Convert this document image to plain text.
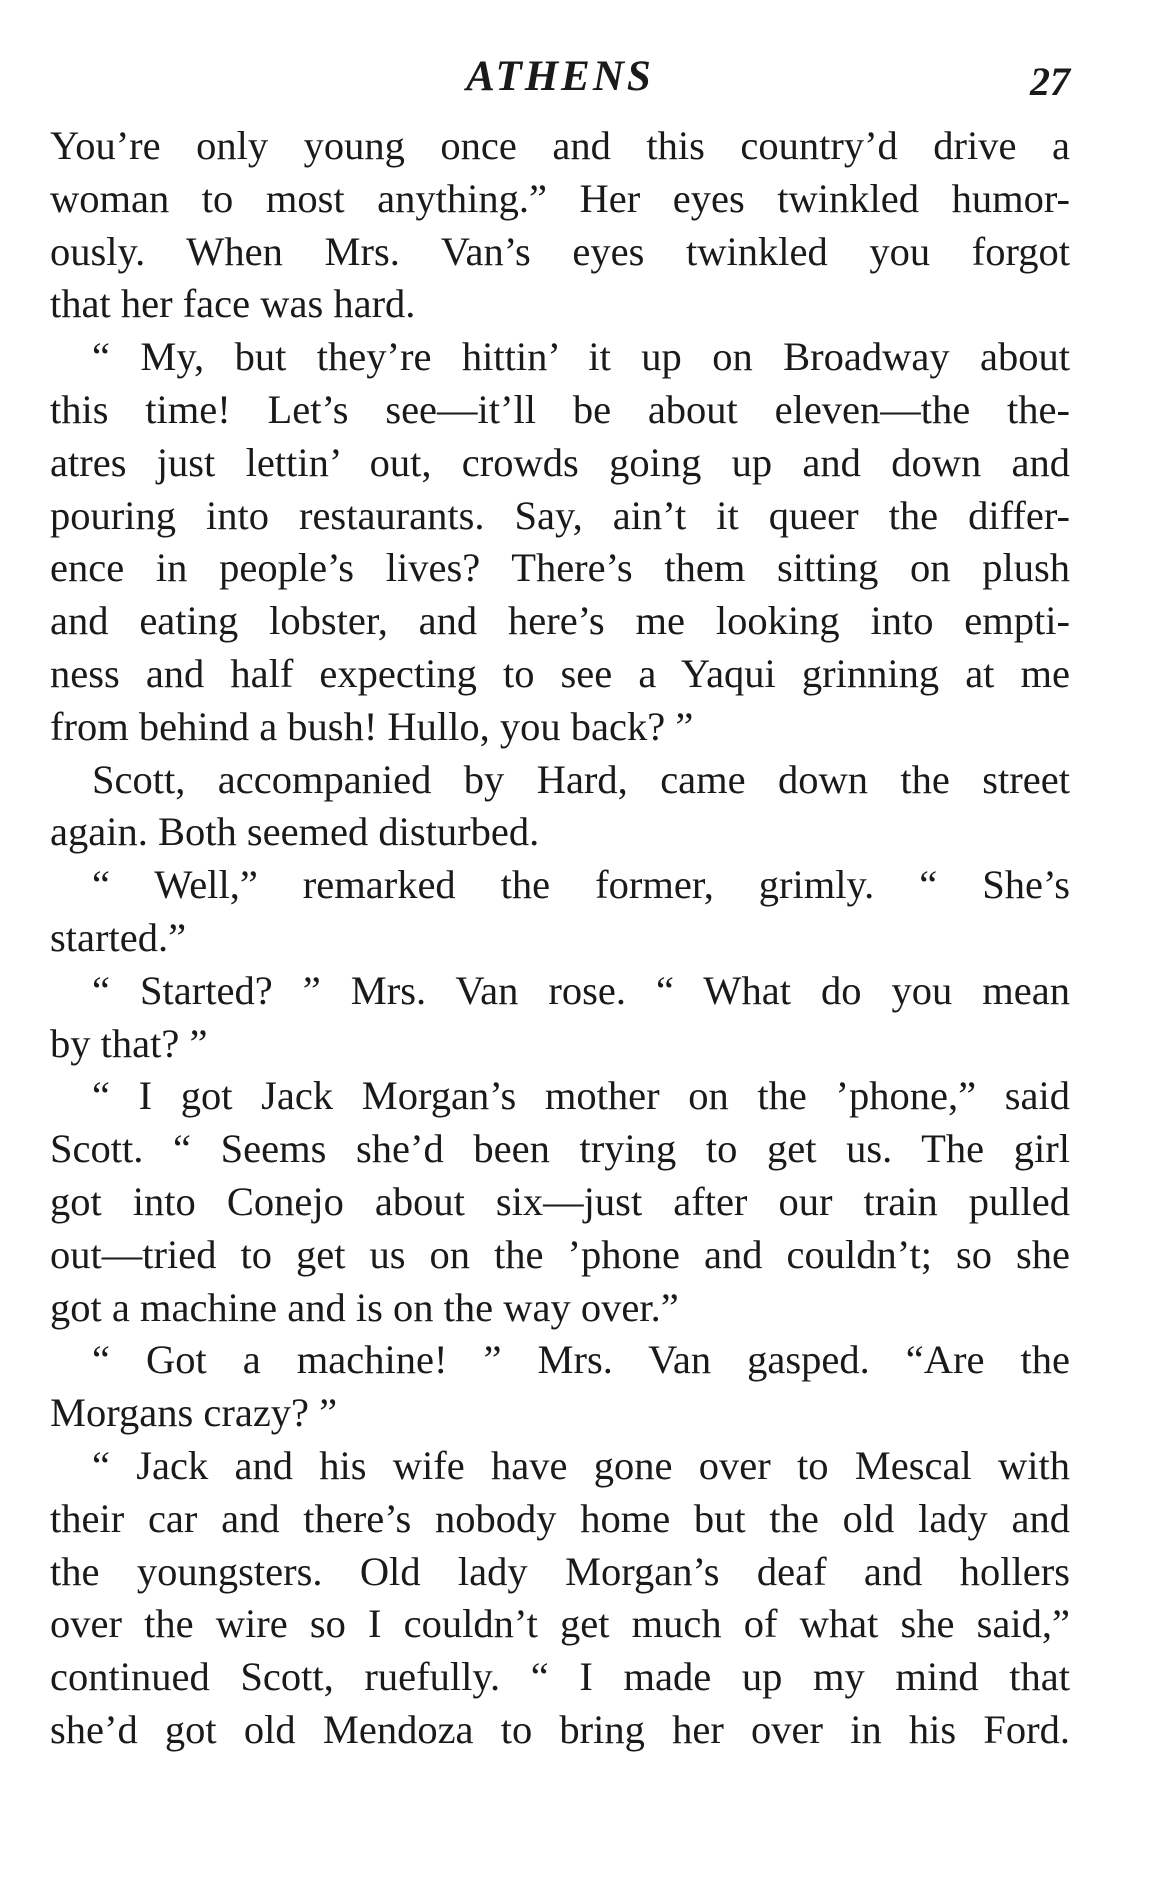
ATHENS	27
You’re only young once and this country’d drive a
woman to most anything.” Her eyes twinkled humor-
ously. When Mrs. Van’s eyes twinkled you forgot
that her face was hard.
“ My, but they’re hittin’ it up on Broadway about
this time! Let’s see—it’ll be about eleven—the the-
atres just lettin’ out, crowds going up and down and
pouring into restaurants. Say, ain’t it queer the differ-
ence in people’s lives? There’s them sitting on plush
and eating lobster, and here’s me looking into empti-
ness and half expecting to see a Yaqui grinning at me
from behind a bush! Hullo, you back? ”
Scott, accompanied by Hard, came down the street
again. Both seemed disturbed.
“ Well,” remarked the former, grimly. “ She’s
started.”
“ Started? ” Mrs. Van rose. “ What do you mean
by that? ”
“ I got Jack Morgan’s mother on the ’phone,” said
Scott. “ Seems she’d been trying to get us. The girl
got into Conejo about six—just after our train pulled
out—tried to get us on the ’phone and couldn’t; so she
got a machine and is on the way over.”
“ Got a machine! ” Mrs. Van gasped. “Are the
Morgans crazy? ”
“ Jack and his wife have gone over to Mescal with
their car and there’s nobody home but the old lady and
the youngsters. Old lady Morgan’s deaf and hollers
over the wire so I couldn’t get much of what she said,”
continued Scott, ruefully. “ I made up my mind that
she’d got old Mendoza to bring her over in his Ford.
